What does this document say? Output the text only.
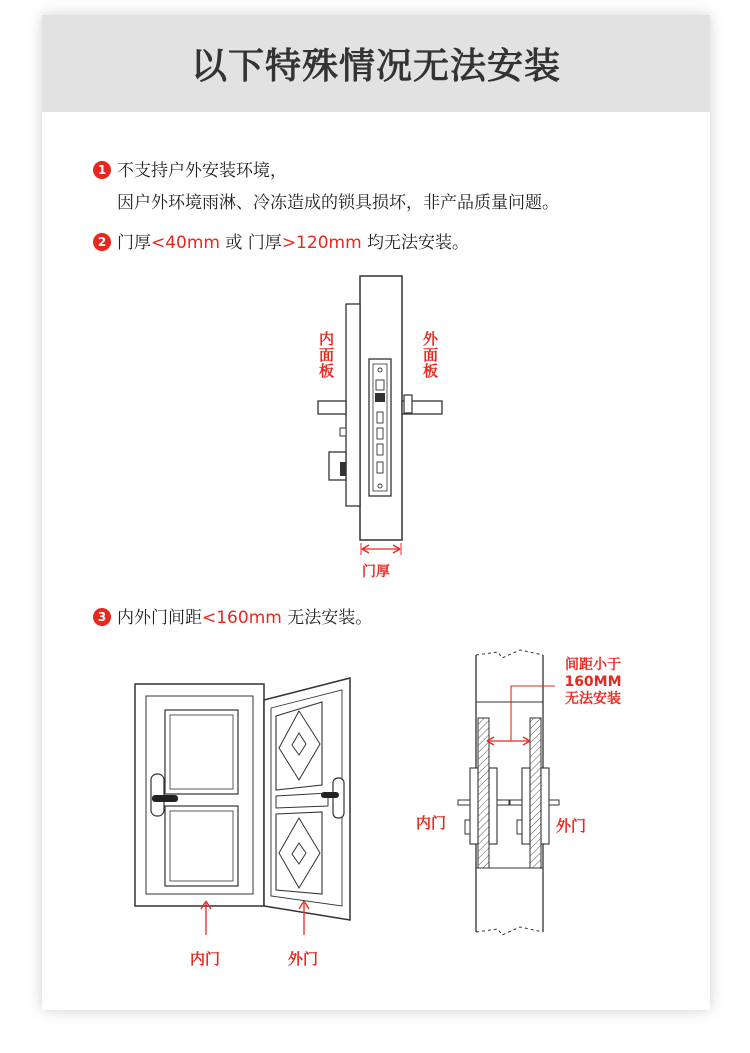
以下特殊情况无法安装
1 不支持户外安装环境，
因户外环境雨淋、冷冻造成的锁具损坏，非产品质量问题。
2 门厚<40mm 或 门厚>120mm 均无法安装。
3 内外门间距<160mm 无法安装。
内面板
外面板
门厚
内门	外门
间距小于
160MM
无法安装
内门	外门
